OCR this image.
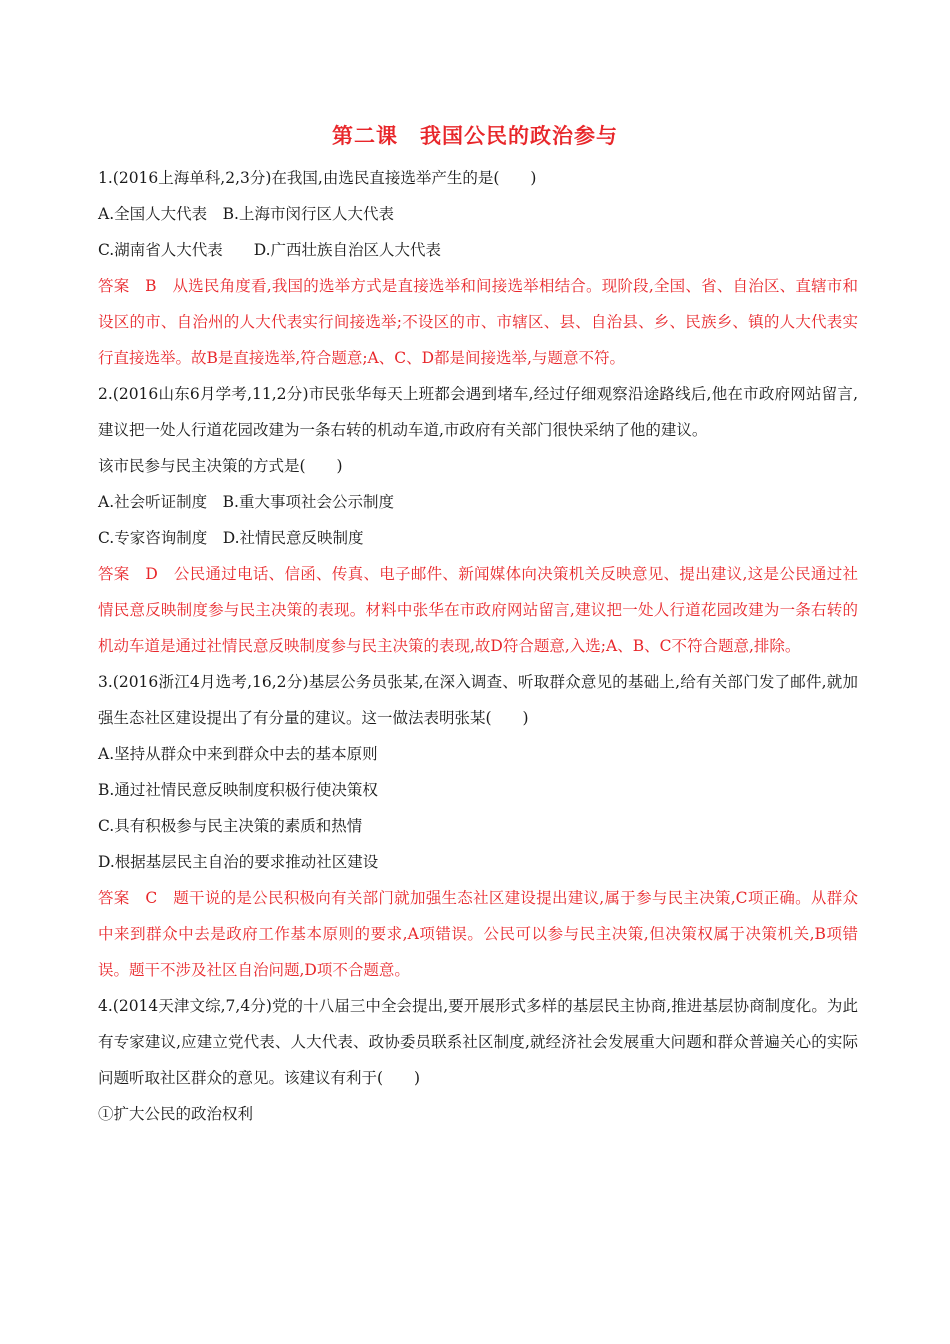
第二课　我国公民的政治参与

1.(2016上海单科,2,3分)在我国,由选民直接选举产生的是(　　)

A.全国人大代表　B.上海市闵行区人大代表

C.湖南省人大代表　　D.广西壮族自治区人大代表

答案　B　从选民角度看,我国的选举方式是直接选举和间接选举相结合。现阶段,全国、省、自治区、直辖市和设区的市、自治州的人大代表实行间接选举;不设区的市、市辖区、县、自治县、乡、民族乡、镇的人大代表实行直接选举。故B是直接选举,符合题意;A、C、D都是间接选举,与题意不符。

2.(2016山东6月学考,11,2分)市民张华每天上班都会遇到堵车,经过仔细观察沿途路线后,他在市政府网站留言,建议把一处人行道花园改建为一条右转的机动车道,市政府有关部门很快采纳了他的建议。

该市民参与民主决策的方式是(　　)

A.社会听证制度　B.重大事项社会公示制度

C.专家咨询制度　D.社情民意反映制度

答案　D　公民通过电话、信函、传真、电子邮件、新闻媒体向决策机关反映意见、提出建议,这是公民通过社情民意反映制度参与民主决策的表现。材料中张华在市政府网站留言,建议把一处人行道花园改建为一条右转的机动车道是通过社情民意反映制度参与民主决策的表现,故D符合题意,入选;A、B、C不符合题意,排除。

3.(2016浙江4月选考,16,2分)基层公务员张某,在深入调查、听取群众意见的基础上,给有关部门发了邮件,就加强生态社区建设提出了有分量的建议。这一做法表明张某(　　)

A.坚持从群众中来到群众中去的基本原则

B.通过社情民意反映制度积极行使决策权

C.具有积极参与民主决策的素质和热情

D.根据基层民主自治的要求推动社区建设

答案　C　题干说的是公民积极向有关部门就加强生态社区建设提出建议,属于参与民主决策,C项正确。从群众中来到群众中去是政府工作基本原则的要求,A项错误。公民可以参与民主决策,但决策权属于决策机关,B项错误。题干不涉及社区自治问题,D项不合题意。

4.(2014天津文综,7,4分)党的十八届三中全会提出,要开展形式多样的基层民主协商,推进基层协商制度化。为此有专家建议,应建立党代表、人大代表、政协委员联系社区制度,就经济社会发展重大问题和群众普遍关心的实际问题听取社区群众的意见。该建议有利于(　　)

①扩大公民的政治权利
